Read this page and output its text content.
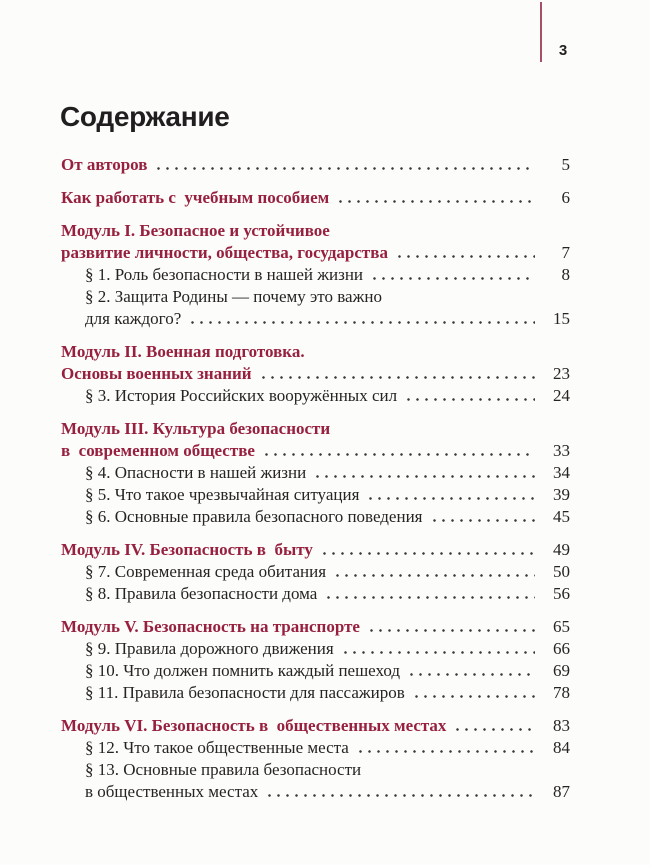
3
Содержание
От авторов	5
Как работать с  учебным пособием	6
Модуль I. Безопасное и устойчивое
развитие личности, общества, государства	7
§ 1. Роль безопасности в нашей жизни	8
§ 2. Защита Родины — почему это важно
для каждого?	15
Модуль II. Военная подготовка.
Основы военных знаний	23
§ 3. История Российских вооружённых сил	24
Модуль III. Культура безопасности
в  современном обществе	33
§ 4. Опасности в нашей жизни	34
§ 5. Что такое чрезвычайная ситуация	39
§ 6. Основные правила безопасного поведения	45
Модуль IV. Безопасность в  быту	49
§ 7. Современная среда обитания	50
§ 8. Правила безопасности дома	56
Модуль V. Безопасность на транспорте	65
§ 9. Правила дорожного движения	66
§ 10. Что должен помнить каждый пешеход	69
§ 11. Правила безопасности для пассажиров	78
Модуль VI. Безопасность в  общественных местах	83
§ 12. Что такое общественные места	84
§ 13. Основные правила безопасности
в общественных местах	87
